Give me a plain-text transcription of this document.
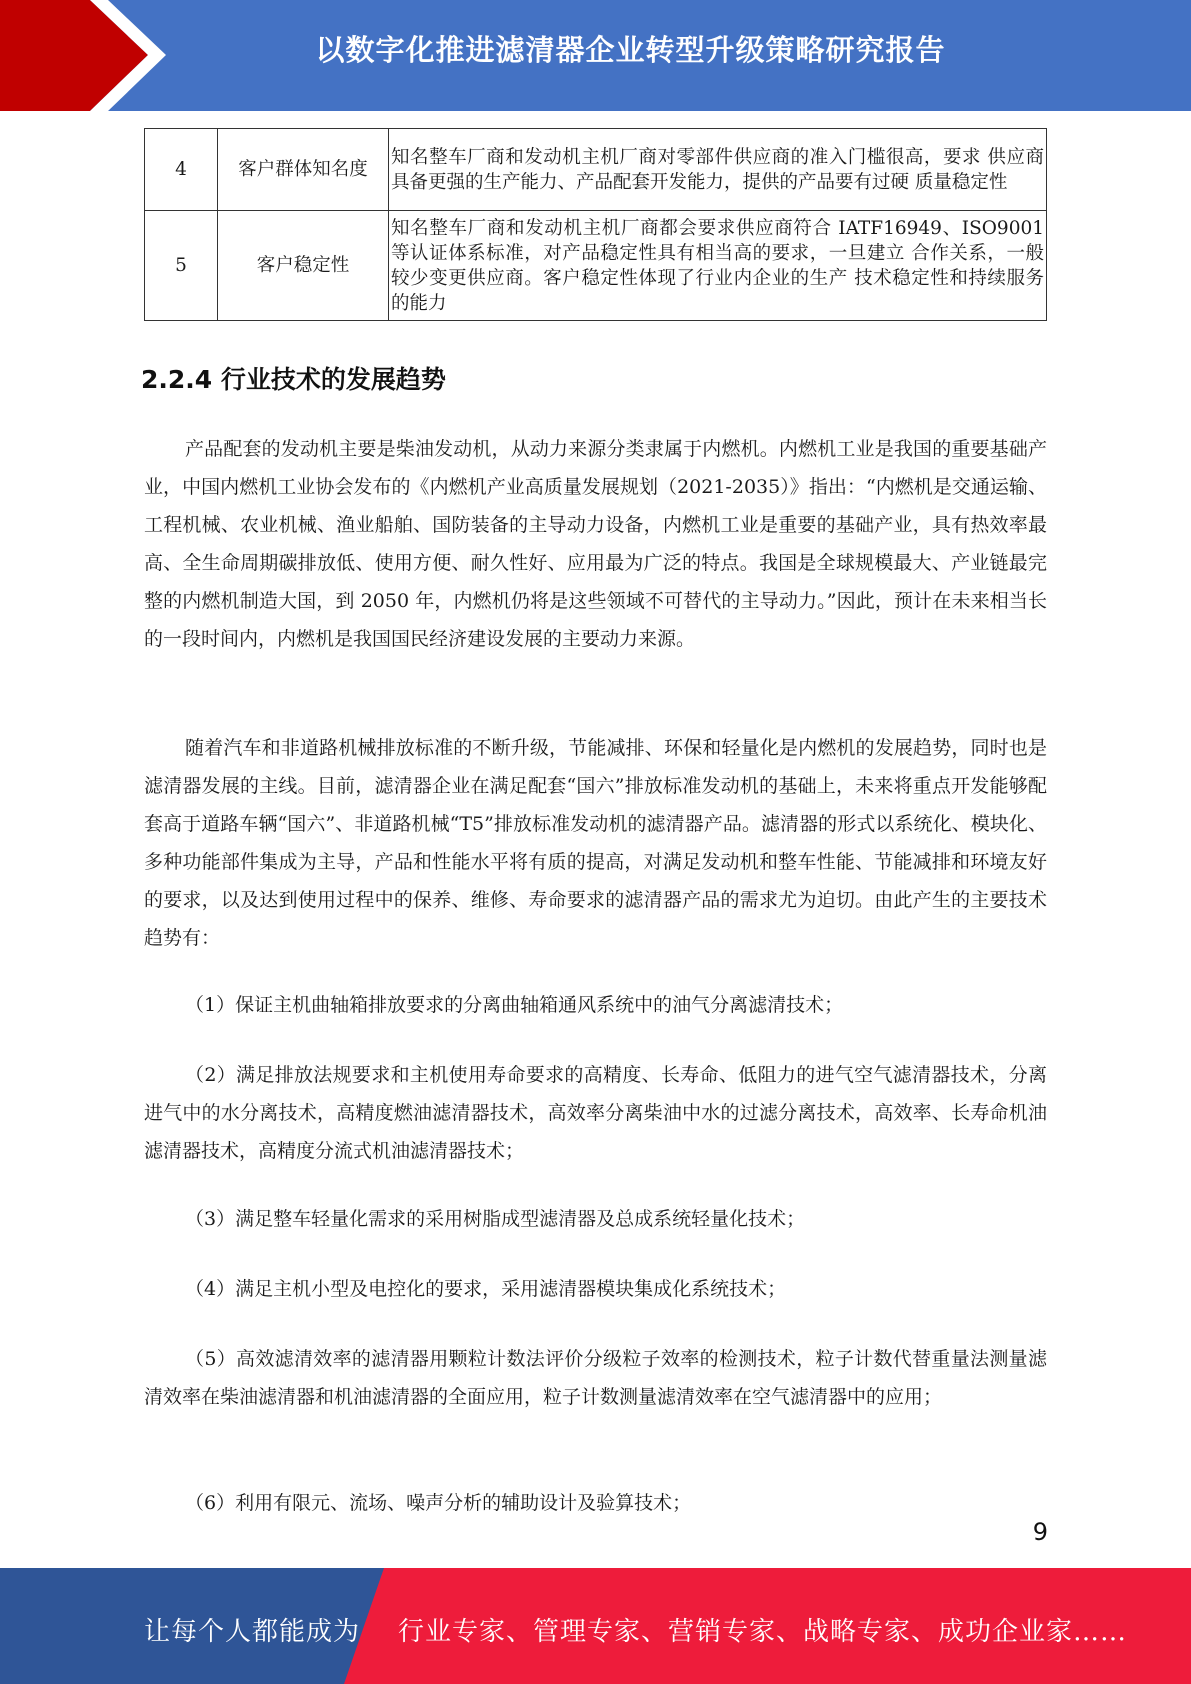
以数字化推进滤清器企业转型升级策略研究报告
4	客户群体知名度	知名整车厂商和发动机主机厂商对零部件供应商的准入门槛很高，要求 供应商具备更强的生产能力、产品配套开发能力，提供的产品要有过硬 质量稳定性
5	客户稳定性	知名整车厂商和发动机主机厂商都会要求供应商符合 IATF16949、ISO9001 等认证体系标准，对产品稳定性具有相当高的要求，一旦建立 合作关系，一般较少变更供应商。客户稳定性体现了行业内企业的生产 技术稳定性和持续服务的能力
2.2.4 行业技术的发展趋势
产品配套的发动机主要是柴油发动机，从动力来源分类隶属于内燃机。内燃机工业是我国的重要基础产业，中国内燃机工业协会发布的《内燃机产业高质量发展规划（2021-2035）》指出：“内燃机是交通运输、工程机械、农业机械、渔业船舶、国防装备的主导动力设备，内燃机工业是重要的基础产业，具有热效率最高、全生命周期碳排放低、使用方便、耐久性好、应用最为广泛的特点。我国是全球规模最大、产业链最完整的内燃机制造大国，到 2050 年，内燃机仍将是这些领域不可替代的主导动力。”因此，预计在未来相当长的一段时间内，内燃机是我国国民经济建设发展的主要动力来源。
随着汽车和非道路机械排放标准的不断升级，节能减排、环保和轻量化是内燃机的发展趋势，同时也是滤清器发展的主线。目前，滤清器企业在满足配套“国六”排放标准发动机的基础上，未来将重点开发能够配套高于道路车辆“国六”、非道路机械“T5”排放标准发动机的滤清器产品。滤清器的形式以系统化、模块化、多种功能部件集成为主导，产品和性能水平将有质的提高，对满足发动机和整车性能、节能减排和环境友好的要求，以及达到使用过程中的保养、维修、寿命要求的滤清器产品的需求尤为迫切。由此产生的主要技术趋势有：
（1）保证主机曲轴箱排放要求的分离曲轴箱通风系统中的油气分离滤清技术；
（2）满足排放法规要求和主机使用寿命要求的高精度、长寿命、低阻力的进气空气滤清器技术，分离进气中的水分离技术，高精度燃油滤清器技术，高效率分离柴油中水的过滤分离技术，高效率、长寿命机油滤清器技术，高精度分流式机油滤清器技术；
（3）满足整车轻量化需求的采用树脂成型滤清器及总成系统轻量化技术；
（4）满足主机小型及电控化的要求，采用滤清器模块集成化系统技术；
（5）高效滤清效率的滤清器用颗粒计数法评价分级粒子效率的检测技术，粒子计数代替重量法测量滤清效率在柴油滤清器和机油滤清器的全面应用，粒子计数测量滤清效率在空气滤清器中的应用；
（6）利用有限元、流场、噪声分析的辅助设计及验算技术；
9
让每个人都能成为 行业专家、管理专家、营销专家、战略专家、成功企业家……
